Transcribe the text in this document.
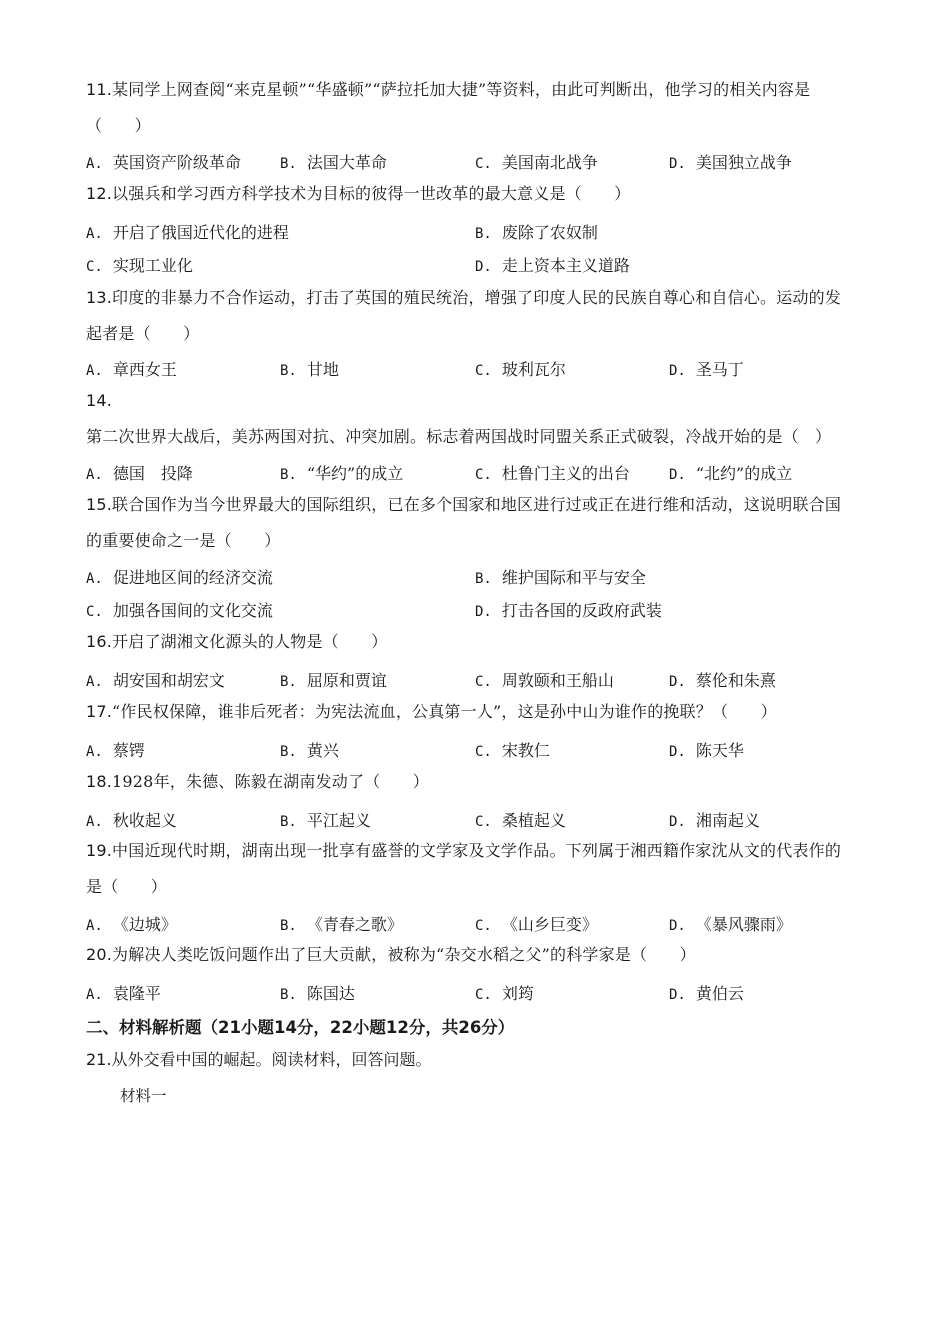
11.某同学上网查阅“来克星顿”“华盛顿”“萨拉托加大捷”等资料，由此可判断出，他学习的相关内容是（　　）
A. 英国资产阶级革命	B. 法国大革命	C. 美国南北战争	D. 美国独立战争
12.以强兵和学习西方科学技术为目标的彼得一世改革的最大意义是（　　）
A. 开启了俄国近代化的进程	B. 废除了农奴制
C. 实现工业化	D. 走上资本主义道路
13.印度的非暴力不合作运动，打击了英国的殖民统治，增强了印度人民的民族自尊心和自信心。运动的发起者是（　　）
A. 章西女王	B. 甘地	C. 玻利瓦尔	D. 圣马丁
14.第二次世界大战后，美苏两国对抗、冲突加剧。标志着两国战时同盟关系正式破裂，冷战开始的是（　）
A. 德国　投降	B. “华约”的成立	C. 杜鲁门主义的出台	D. “北约”的成立
15.联合国作为当今世界最大的国际组织，已在多个国家和地区进行过或正在进行维和活动，这说明联合国的重要使命之一是（　　）
A. 促进地区间的经济交流	B. 维护国际和平与安全
C. 加强各国间的文化交流	D. 打击各国的反政府武装
16.开启了湖湘文化源头的人物是（　　）
A. 胡安国和胡宏文	B. 屈原和贾谊	C. 周敦颐和王船山	D. 蔡伦和朱熹
17.“作民权保障，谁非后死者：为宪法流血，公真第一人”，这是孙中山为谁作的挽联？（　　）
A. 蔡锷	B. 黄兴	C. 宋教仁	D. 陈天华
18.1928年，朱德、陈毅在湖南发动了（　　）
A. 秋收起义	B. 平江起义	C. 桑植起义	D. 湘南起义
19.中国近现代时期，湖南出现一批享有盛誉的文学家及文学作品。下列属于湘西籍作家沈从文的代表作的是（　　）
A. 《边城》	B. 《青春之歌》	C. 《山乡巨变》	D. 《暴风骤雨》
20.为解决人类吃饭问题作出了巨大贡献，被称为“杂交水稻之父”的科学家是（　　）
A. 袁隆平	B. 陈国达	C. 刘筠	D. 黄伯云
二、材料解析题（21小题14分，22小题12分，共26分）
21.从外交看中国的崛起。阅读材料，回答问题。
材料一
